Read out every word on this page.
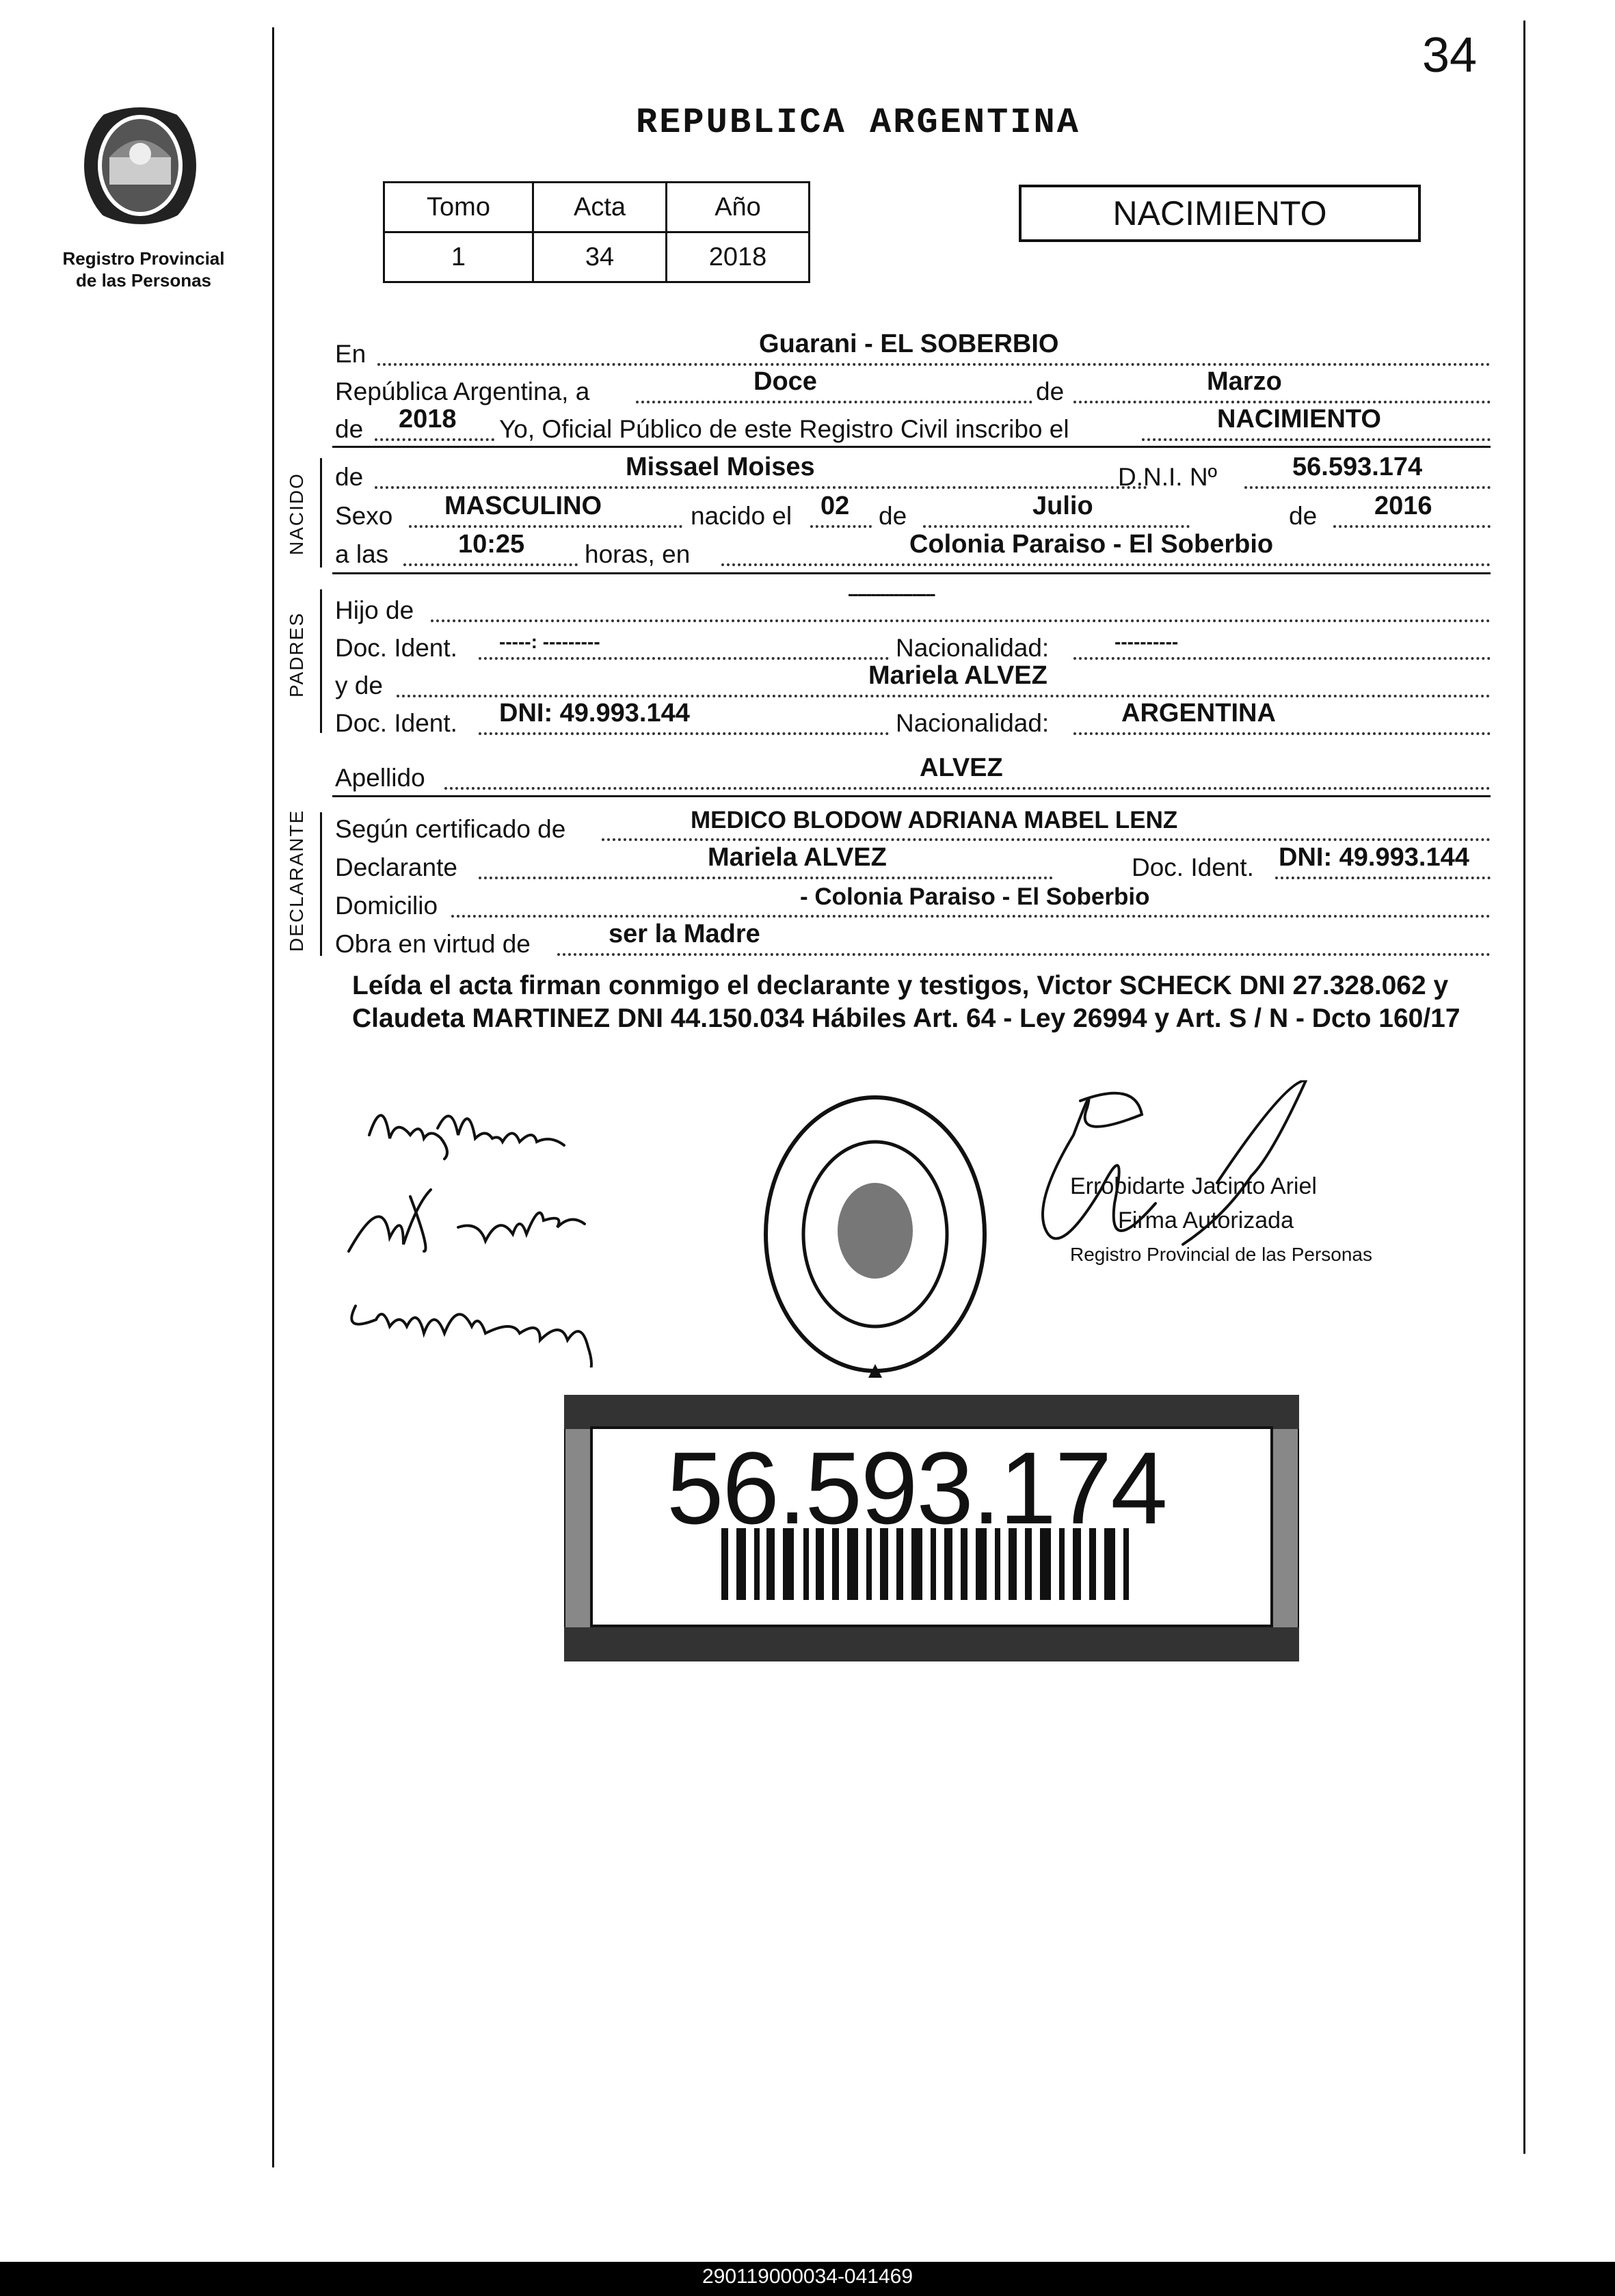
34
Registro Provincial
de las Personas
REPUBLICA ARGENTINA
Tomo	Acta	Año
1	34	2018
NACIMIENTO
En	Guarani - EL SOBERBIO
República Argentina, a	Doce	de	Marzo
de 2018 Yo, Oficial Público de este Registro Civil inscribo el	NACIMIENTO
NACIDO de	Missael Moises	D.N.I. Nº	56.593.174
Sexo MASCULINO	nacido el 02 de	Julio	de 2016
a las	10:25 horas, en	Colonia Paraiso - El Soberbio
PADRES
Hijo de
-------------------
Doc. Ident. -----: ---------	Nacionalidad:	----------
y de	Mariela ALVEZ
Doc. Ident. DNI: 49.993.144	Nacionalidad:	ARGENTINA
Apellido	ALVEZ
DECLARANTE Según certificado de	MEDICO BLODOW ADRIANA MABEL LENZ
Declarante	Mariela ALVEZ	Doc. Ident. DNI: 49.993.144
Domicilio	- Colonia Paraiso - El Soberbio
Obra en virtud de	ser la Madre
Leída el acta firman conmigo el declarante y testigos, Victor SCHECK DNI 27.328.062 y Claudeta MARTINEZ DNI 44.150.034 Hábiles Art. 64 - Ley 26994 y Art. S / N - Dcto 160/17
Errobidarte Jacinto Ariel
Firma Autorizada
Registro Provincial de las Personas
56.593.174
290119000034-041469
